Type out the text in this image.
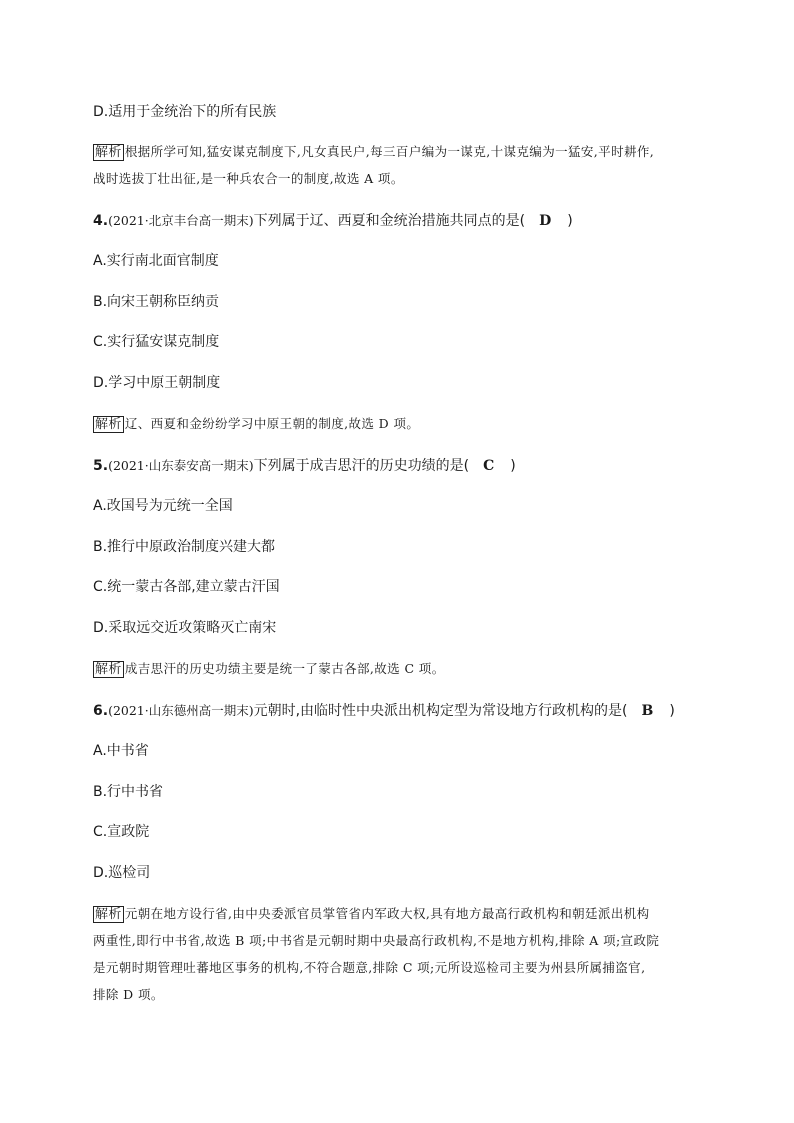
D.适用于金统治下的所有民族
解析 根据所学可知,猛安谋克制度下,凡女真民户,每三百户编为一谋克,十谋克编为一猛安,平时耕作,
战时选拔丁壮出征,是一种兵农合一的制度,故选 A 项。
4.(2021·北京丰台高一期末)下列属于辽、西夏和金统治措施共同点的是( D )
A.实行南北面官制度
B.向宋王朝称臣纳贡
C.实行猛安谋克制度
D.学习中原王朝制度
解析 辽、西夏和金纷纷学习中原王朝的制度,故选 D 项。
5.(2021·山东泰安高一期末)下列属于成吉思汗的历史功绩的是( C )
A.改国号为元统一全国
B.推行中原政治制度兴建大都
C.统一蒙古各部,建立蒙古汗国
D.采取远交近攻策略灭亡南宋
解析 成吉思汗的历史功绩主要是统一了蒙古各部,故选 C 项。
6.(2021·山东德州高一期末)元朝时,由临时性中央派出机构定型为常设地方行政机构的是( B )
A.中书省
B.行中书省
C.宣政院
D.巡检司
解析 元朝在地方设行省,由中央委派官员掌管省内军政大权,具有地方最高行政机构和朝廷派出机构
两重性,即行中书省,故选 B 项;中书省是元朝时期中央最高行政机构,不是地方机构,排除 A 项;宣政院
是元朝时期管理吐蕃地区事务的机构,不符合题意,排除 C 项;元所设巡检司主要为州县所属捕盗官,
排除 D 项。
